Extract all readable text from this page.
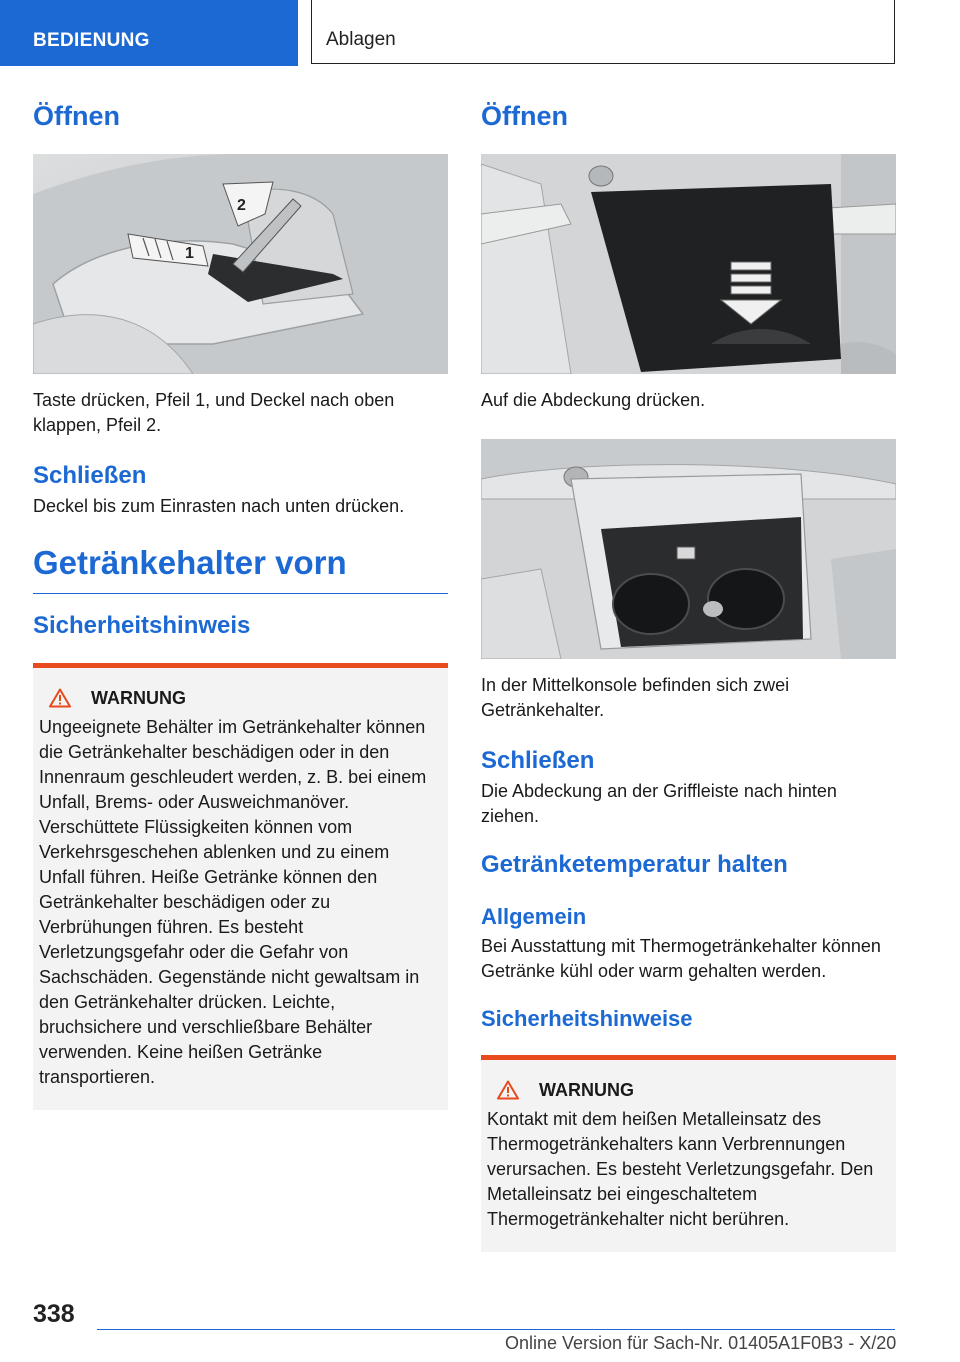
BEDIENUNG	Ablagen
Öffnen
1
2

Taste drücken, Pfeil 1, und Deckel nach oben klappen, Pfeil 2.

Schließen

Deckel bis zum Einrasten nach unten drücken.

Getränkehalter vorn
Sicherheitshinweis
WARNUNG

Ungeeignete Behälter im Getränkehalter können die Getränkehalter beschädigen oder in den Innenraum geschleudert werden, z. B. bei einem Unfall, Brems- oder Ausweichmanöver. Verschüttete Flüssigkeiten können vom Verkehrsgeschehen ablenken und zu einem Unfall führen. Heiße Getränke können den Getränkehalter beschädigen oder zu Verbrühungen führen. Es besteht Verletzungsgefahr oder die Gefahr von Sachschäden. Gegenstände nicht gewaltsam in den Getränkehalter drücken. Leichte, bruchsichere und verschließbare Behälter verwenden. Keine heißen Getränke transportieren.

Öffnen

Auf die Abdeckung drücken.

In der Mittelkonsole befinden sich zwei Getränkehalter.

Schließen

Die Abdeckung an der Griffleiste nach hinten ziehen.

Getränketemperatur halten
Allgemein

Bei Ausstattung mit Thermogetränkehalter können Getränke kühl oder warm gehalten werden.

Sicherheitshinweise
WARNUNG

Kontakt mit dem heißen Metalleinsatz des Thermogetränkehalters kann Verbrennungen verursachen. Es besteht Verletzungsgefahr. Den Metalleinsatz bei eingeschaltetem Thermogetränkehalter nicht berühren.

338
Online Version für Sach-Nr. 01405A1F0B3 - X/20
